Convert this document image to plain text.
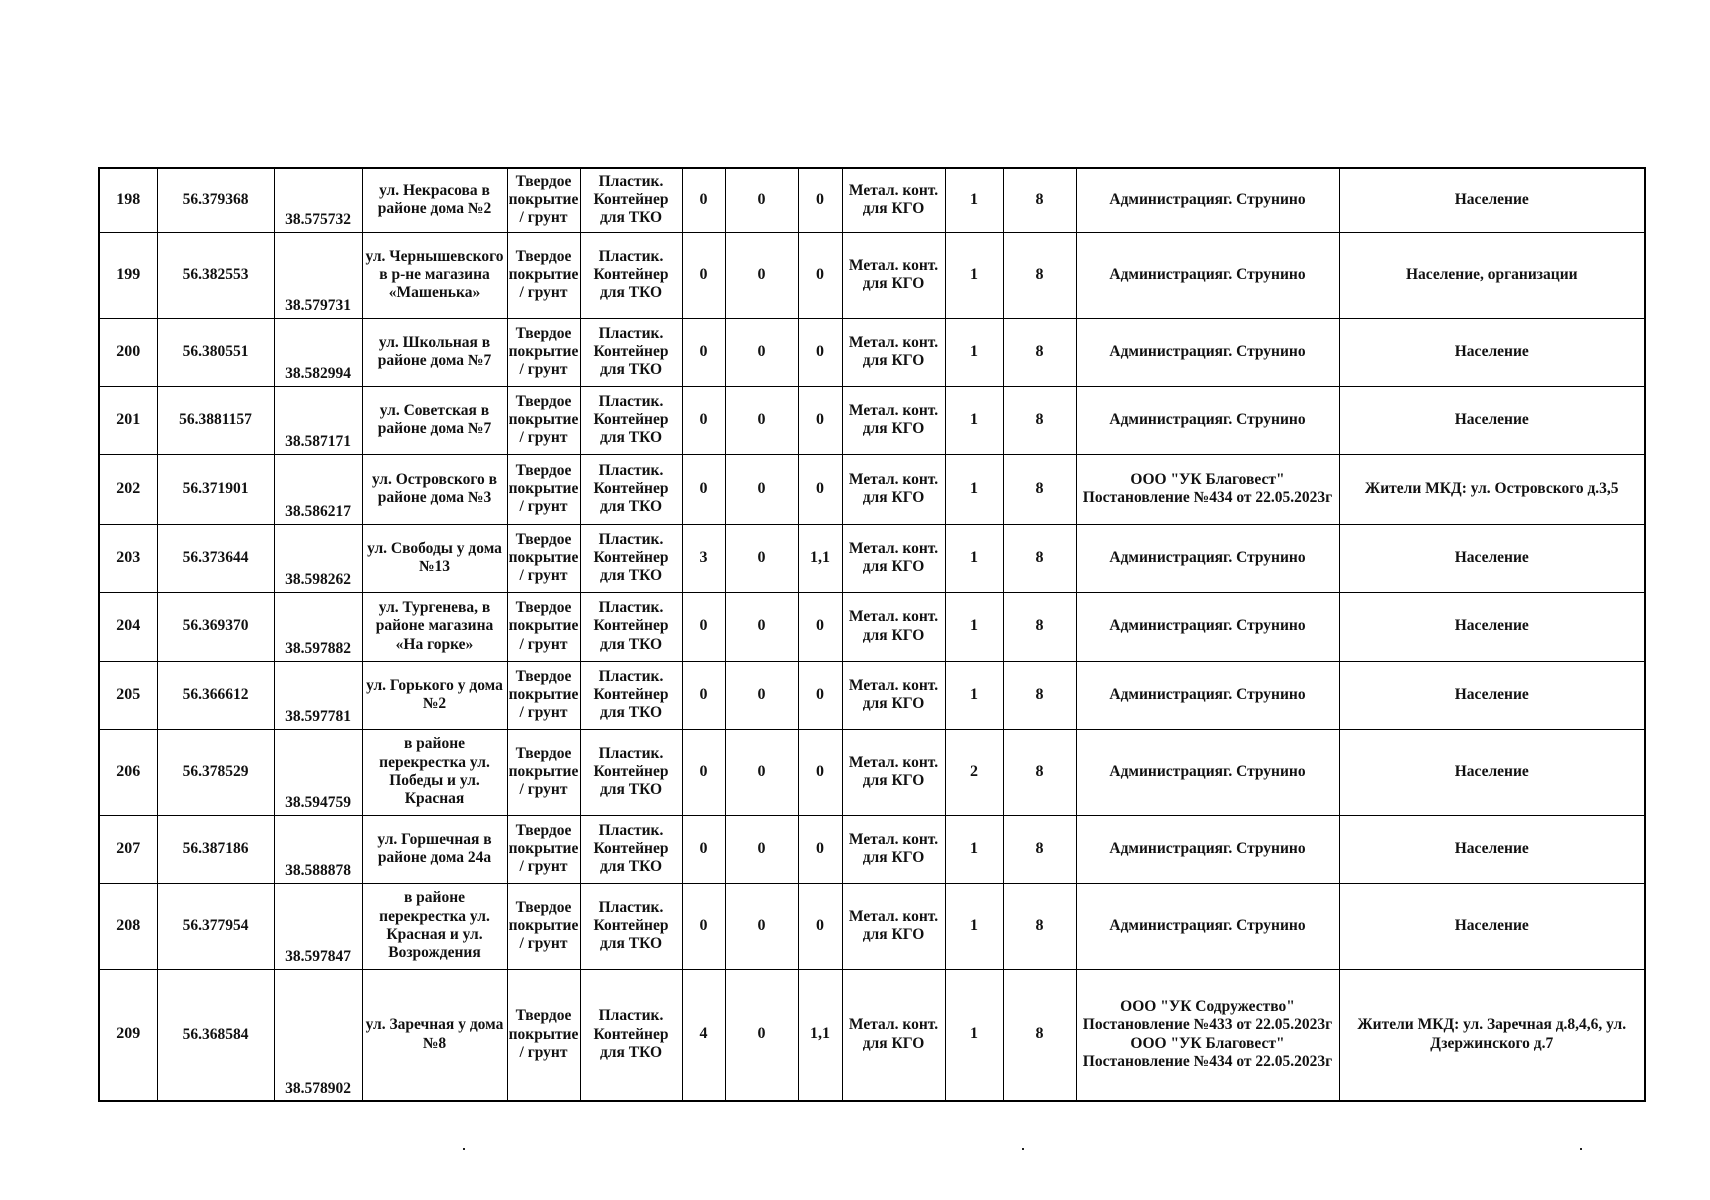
198	56.379368	38.575732	ул. Некрасова в районе дома №2	Твердое покрытие / грунт	Пластик. Контейнер для ТКО	0	0	0	Метал. конт. для КГО	1	8	Администрацияг. Струнино	Население
199	56.382553	38.579731	ул. Чернышевского в р-не магазина «Машенька»	Твердое покрытие / грунт	Пластик. Контейнер для ТКО	0	0	0	Метал. конт. для КГО	1	8	Администрацияг. Струнино	Население, организации
200	56.380551	38.582994	ул. Школьная в районе дома №7	Твердое покрытие / грунт	Пластик. Контейнер для ТКО	0	0	0	Метал. конт. для КГО	1	8	Администрацияг. Струнино	Население
201	56.3881157	38.587171	ул. Советская в районе дома №7	Твердое покрытие / грунт	Пластик. Контейнер для ТКО	0	0	0	Метал. конт. для КГО	1	8	Администрацияг. Струнино	Население
202	56.371901	38.586217	ул. Островского в районе дома №3	Твердое покрытие / грунт	Пластик. Контейнер для ТКО	0	0	0	Метал. конт. для КГО	1	8	ООО "УК Благовест" Постановление №434 от 22.05.2023г	Жители МКД: ул. Островского д.3,5
203	56.373644	38.598262	ул. Свободы у дома №13	Твердое покрытие / грунт	Пластик. Контейнер для ТКО	3	0	1,1	Метал. конт. для КГО	1	8	Администрацияг. Струнино	Население
204	56.369370	38.597882	ул. Тургенева, в районе магазина «На горке»	Твердое покрытие / грунт	Пластик. Контейнер для ТКО	0	0	0	Метал. конт. для КГО	1	8	Администрацияг. Струнино	Население
205	56.366612	38.597781	ул. Горького у дома №2	Твердое покрытие / грунт	Пластик. Контейнер для ТКО	0	0	0	Метал. конт. для КГО	1	8	Администрацияг. Струнино	Население
206	56.378529	38.594759	в районе перекрестка ул. Победы и ул. Красная	Твердое покрытие / грунт	Пластик. Контейнер для ТКО	0	0	0	Метал. конт. для КГО	2	8	Администрацияг. Струнино	Население
207	56.387186	38.588878	ул. Горшечная в районе дома 24а	Твердое покрытие / грунт	Пластик. Контейнер для ТКО	0	0	0	Метал. конт. для КГО	1	8	Администрацияг. Струнино	Население
208	56.377954	38.597847	в районе перекрестка ул. Красная и ул. Возрождения	Твердое покрытие / грунт	Пластик. Контейнер для ТКО	0	0	0	Метал. конт. для КГО	1	8	Администрацияг. Струнино	Население
209	56.368584	38.578902	ул. Заречная у дома №8	Твердое покрытие / грунт	Пластик. Контейнер для ТКО	4	0	1,1	Метал. конт. для КГО	1	8	ООО "УК Содружество" Постановление №433 от 22.05.2023г ООО "УК Благовест" Постановление №434 от 22.05.2023г	Жители МКД: ул. Заречная д.8,4,6, ул. Дзержинского д.7
